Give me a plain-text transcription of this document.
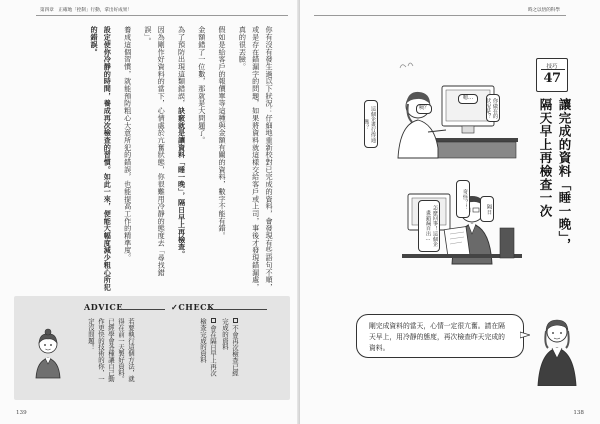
第四章　正確地「控制」行動，拿出好成果！

你有沒有發生過以下狀況：仔細地重新校對已完成的資料，會發現有些語句不順，或是存在錯漏字的問題，如果將資料就這樣交給客戶或上司，事後才發現錯漏處，真的很丟臉。

假如是給客戶的報價單等這種與金額有關的資料，數字不能有錯。

金額錯了一位數，那就是大問題了。

為了預防出現這類錯誤，訣竅就是讓資料「睡一晚」，隔日早上再檢查。

因為剛作好資料的當下，心情處於亢奮狀態，你很難用冷靜的態度去「尋找錯誤」。

養成這個習慣，就能預防粗心大意所犯的錯誤，也能提高工作的精準度。

設定使你冷靜的時間，養成再次檢查的習慣。如此一來，便能大幅度減少粗心所犯的錯誤。

✓CHECK
會在隔日早上再次檢查完成的資料	不會再次檢查已經完成的資料
ADVICE
若要執行這個方法，就得在前一天製好資料。已經學會各種讓自己動作更快的技術的你，一定沒問題！
139
時之以悟的科學
技巧
47
讓完成的資料「睡一晚」，
隔天早上再檢查一次
這個企畫行得通嗎？
嗯…
咦？	你做在的狀況是？
奇怪？！
怎麼回事！這個企畫錯漏百出…
隔日
剛完成資料的當天，心情一定很亢奮。請在隔天早上，用冷靜的態度，再次檢查昨天完成的資料。
138
